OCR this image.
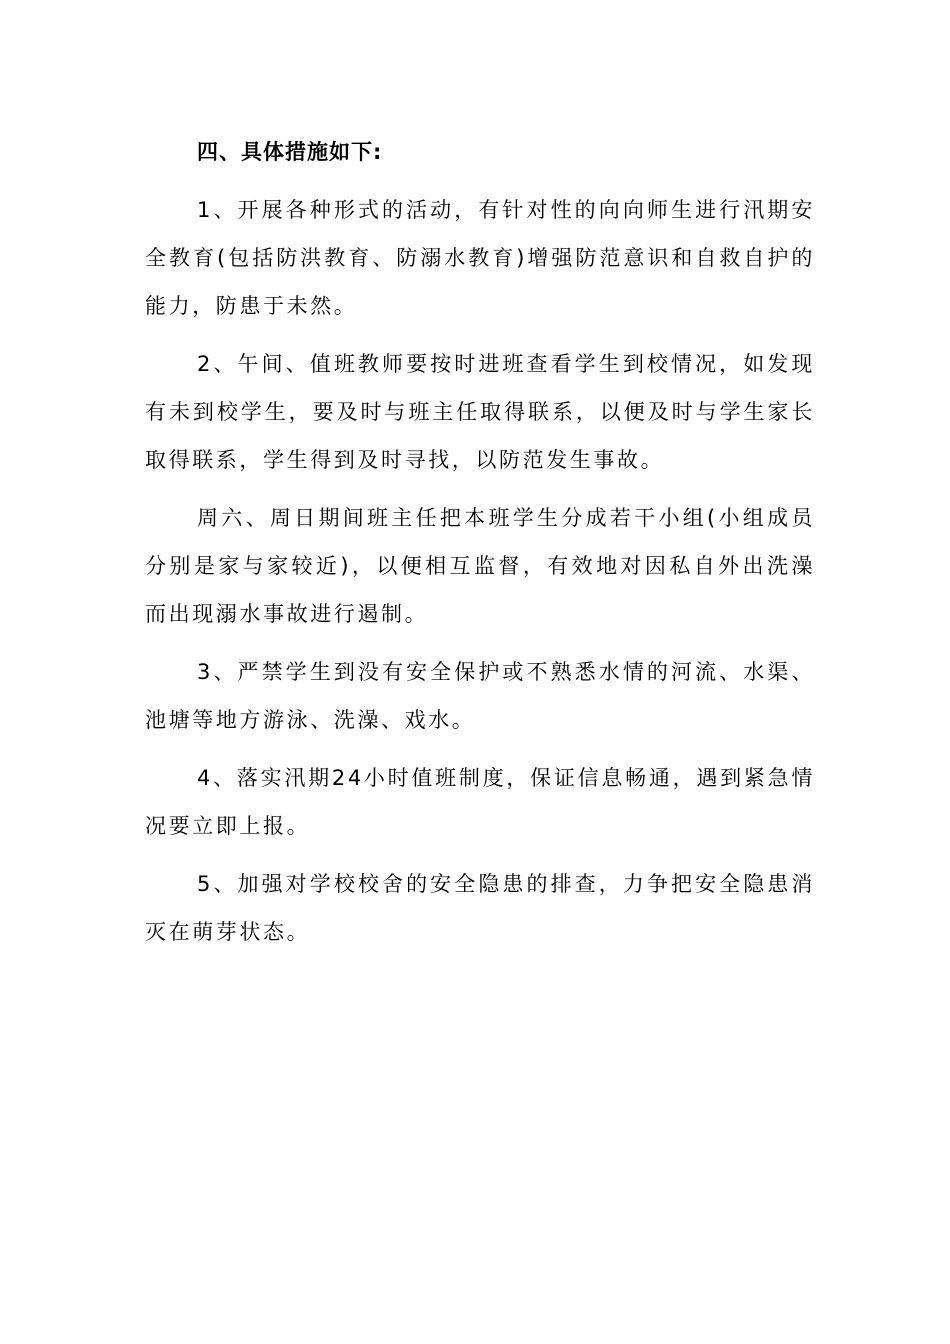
四、具体措施如下:

1、开展各种形式的活动，有针对性的向向师生进行汛期安全教育(包括防洪教育、防溺水教育)增强防范意识和自救自护的能力，防患于未然。

2、午间、值班教师要按时进班查看学生到校情况，如发现有未到校学生，要及时与班主任取得联系，以便及时与学生家长取得联系，学生得到及时寻找，以防范发生事故。

周六、周日期间班主任把本班学生分成若干小组(小组成员分别是家与家较近)，以便相互监督，有效地对因私自外出洗澡而出现溺水事故进行遏制。

3、严禁学生到没有安全保护或不熟悉水情的河流、水渠、池塘等地方游泳、洗澡、戏水。

4、落实汛期24小时值班制度，保证信息畅通，遇到紧急情况要立即上报。

5、加强对学校校舍的安全隐患的排查，力争把安全隐患消灭在萌芽状态。
